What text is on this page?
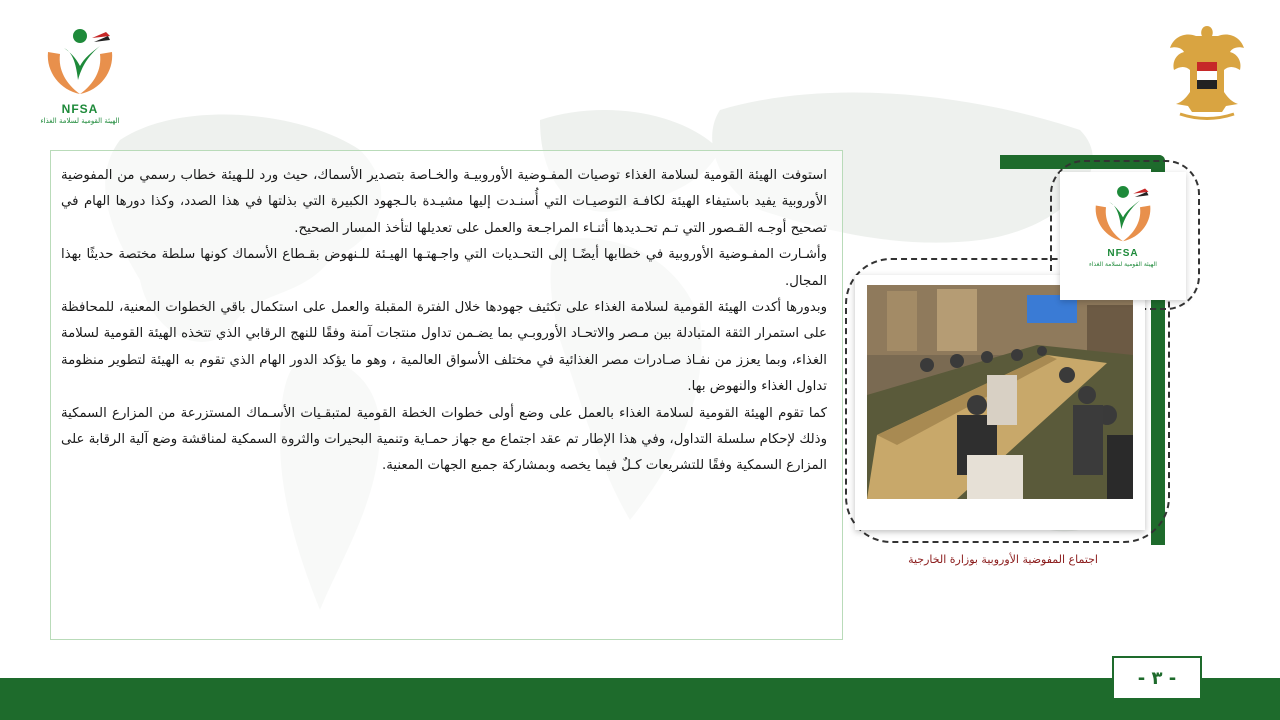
NFSA
الهيئة القومية لسلامة الغذاء

استوفت الهيئة القومية لسلامة الغذاء توصيات المفـوضية الأوروبيـة والخـاصة بتصدير الأسماك، حيث ورد للـهيئة خطاب رسمي من المفوضية الأوروبية يفيد باستيفاء الهيئة لكافـة التوصيـات التي أُسنـدت إليها مشيـدة بالـجهود الكبيرة التي بذلتها في هذا الصدد، وكذا دورها الهام في تصحيح أوجـه القـصور التي تـم تحـديدها أثنـاء المراجـعة والعمل على تعديلها لتأخذ المسار الصحيح.

وأشـارت المفـوضية الأوروبية في خطابها أيضًـا إلى التحـديات التي واجـهتـها الهيـئة للـنهوض بقـطاع الأسماك كونها سلطة مختصة حديثًا بهذا المجال.

وبدورها أكدت الهيئة القومية لسلامة الغذاء على تكثيف جهودها خلال الفترة المقبلة والعمل على استكمال باقي الخطوات المعنية، للمحافظة على استمرار الثقة المتبادلة بين مـصر والاتحـاد الأوروبـي بما يضـمن تداول منتجات آمنة وفقًا للنهج الرقابي الذي تتخذه الهيئة القومية لسلامة الغذاء، وبما يعزز من نفـاذ صـادرات مصر الغذائية في مختلف الأسواق العالمية ، وهو ما يؤكد الدور الهام الذي تقوم به الهيئة لتطوير منظومة تداول الغذاء والنهوض بها.

كما تقوم الهيئة القومية لسلامة الغذاء بالعمل على وضع أولى خطوات الخطة القومية لمتبقـيات الأسـماك المستزرعة من المزارع السمكية وذلك لإحكام سلسلة التداول، وفي هذا الإطار تم عقد اجتماع مع جهاز حمـاية وتنمية البحيرات والثروة السمكية لمناقشة وضع آلية الرقابة على المزارع السمكية وفقًا للتشريعات كـلٌ فيما يخصه وبمشاركة جميع الجهات المعنية.

NFSA
الهيئة القومية لسلامة الغذاء
اجتماع المفوضية الأوروبية بوزارة الخارجية
- ٣ -
